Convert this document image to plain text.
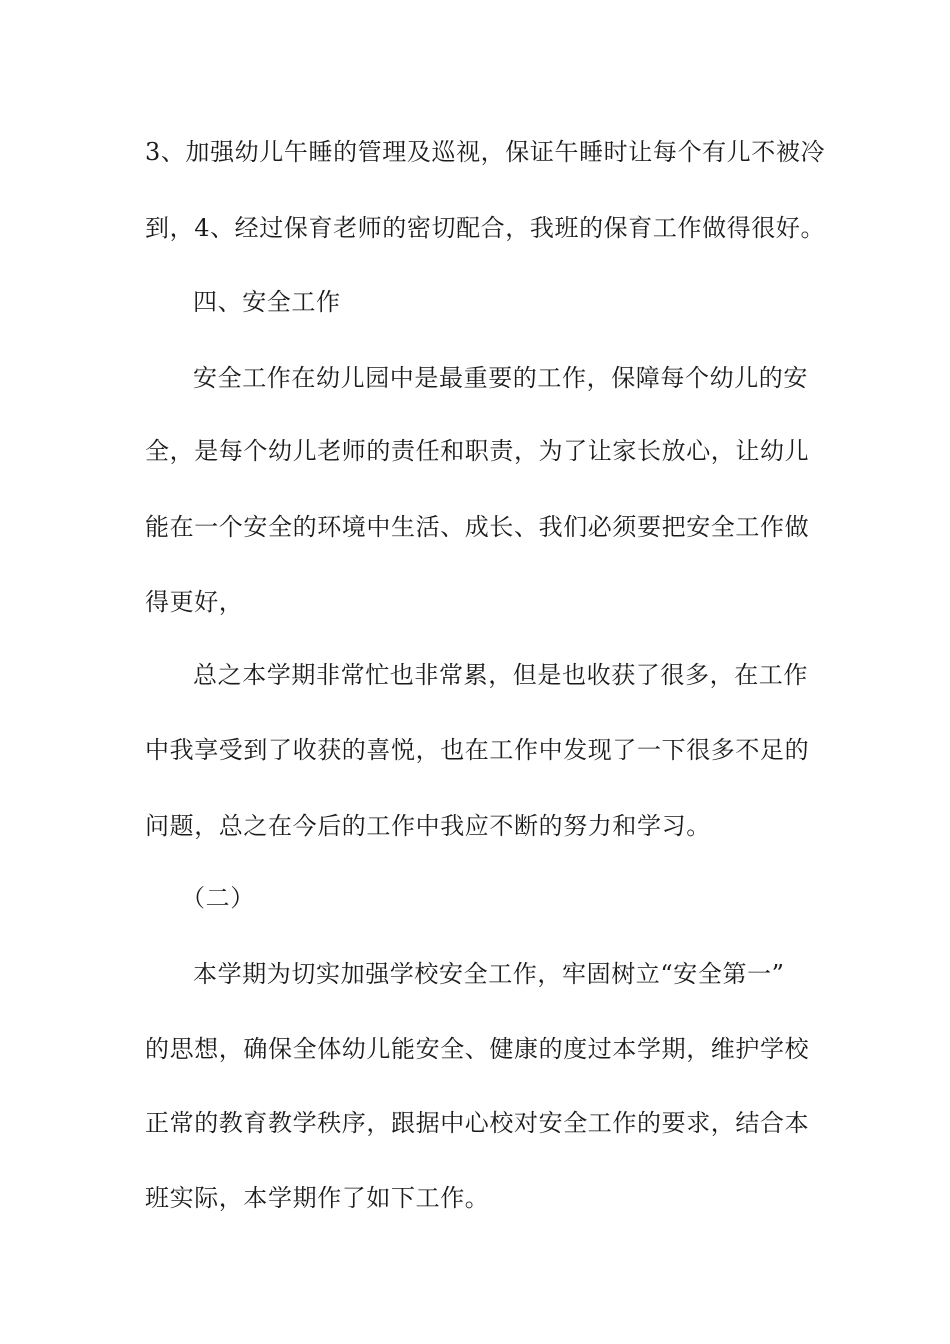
3、加强幼儿午睡的管理及巡视，保证午睡时让每个有儿不被冷
到，4、经过保育老师的密切配合，我班的保育工作做得很好。
四、安全工作
安全工作在幼儿园中是最重要的工作，保障每个幼儿的安
全，是每个幼儿老师的责任和职责，为了让家长放心，让幼儿
能在一个安全的环境中生活、成长、我们必须要把安全工作做
得更好，
总之本学期非常忙也非常累，但是也收获了很多，在工作
中我享受到了收获的喜悦，也在工作中发现了一下很多不足的
问题，总之在今后的工作中我应不断的努力和学习。
（二）
本学期为切实加强学校安全工作，牢固树立“安全第一”
的思想，确保全体幼儿能安全、健康的度过本学期，维护学校
正常的教育教学秩序，跟据中心校对安全工作的要求，结合本
班实际，本学期作了如下工作。
